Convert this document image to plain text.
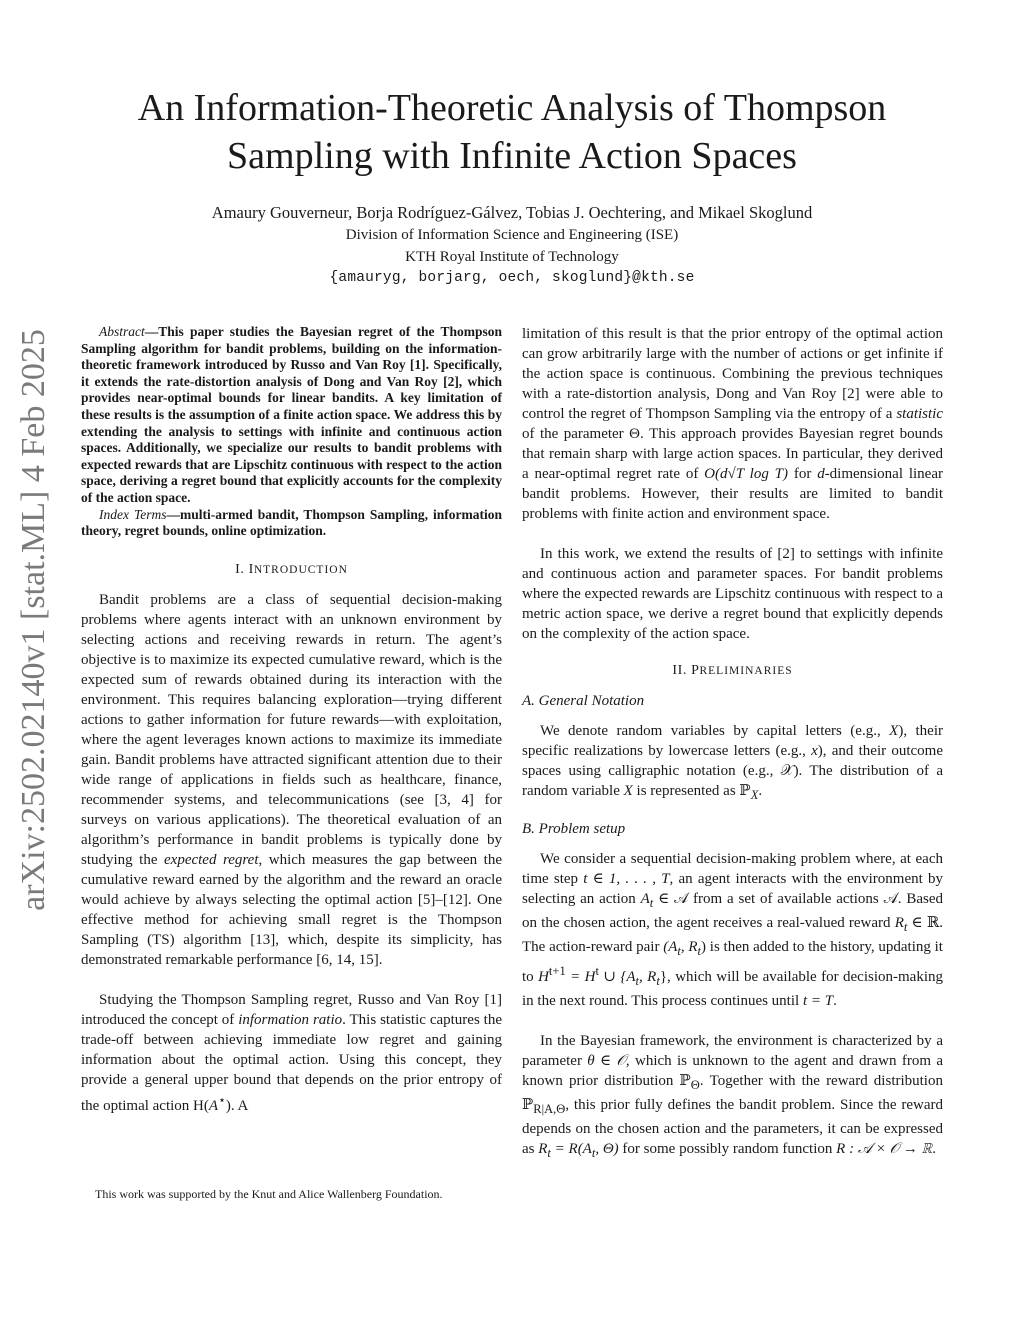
An Information-Theoretic Analysis of Thompson
Sampling with Infinite Action Spaces
Amaury Gouverneur, Borja Rodríguez-Gálvez, Tobias J. Oechtering, and Mikael Skoglund
Division of Information Science and Engineering (ISE)
KTH Royal Institute of Technology
{amauryg, borjarg, oech, skoglund}@kth.se
arXiv:2502.02140v1 [stat.ML] 4 Feb 2025	Abstract—This paper studies the Bayesian regret of the Thompson Sampling algorithm for bandit problems, building on the information-theoretic framework introduced by Russo and Van Roy [1]. Specifically, it extends the rate-distortion analysis of Dong and Van Roy [2], which provides near-optimal bounds for linear bandits. A key limitation of these results is the assumption of a finite action space. We address this by extending the analysis to settings with infinite and continuous action spaces. Additionally, we specialize our results to bandit problems with expected rewards that are Lipschitz continuous with respect to the action space, deriving a regret bound that explicitly accounts for the complexity of the action space.

Index Terms—multi-armed bandit, Thompson Sampling, information theory, regret bounds, online optimization.

I. INTRODUCTION

Bandit problems are a class of sequential decision-making problems where agents interact with an unknown environment by selecting actions and receiving rewards in return. The agent’s objective is to maximize its expected cumulative reward, which is the expected sum of rewards obtained during its interaction with the environment. This requires balancing exploration—trying different actions to gather information for future rewards—with exploitation, where the agent leverages known actions to maximize its immediate gain. Bandit problems have attracted significant attention due to their wide range of applications in fields such as healthcare, finance, recommender systems, and telecommunications (see [3, 4] for surveys on various applications). The theoretical evaluation of an algorithm’s performance in bandit problems is typically done by studying the expected regret, which measures the gap between the cumulative reward earned by the algorithm and the reward an oracle would achieve by always selecting the optimal action [5]–[12]. One effective method for achieving small regret is the Thompson Sampling (TS) algorithm [13], which, despite its simplicity, has demonstrated remarkable performance [6, 14, 15].

Studying the Thompson Sampling regret, Russo and Van Roy [1] introduced the concept of information ratio. This statistic captures the trade-off between achieving immediate low regret and gaining information about the optimal action. Using this concept, they provide a general upper bound that depends on the prior entropy of the optimal action H(A⋆). A

This work was supported by the Knut and Alice Wallenberg Foundation.

limitation of this result is that the prior entropy of the optimal action can grow arbitrarily large with the number of actions or get infinite if the action space is continuous. Combining the previous techniques with a rate-distortion analysis, Dong and Van Roy [2] were able to control the regret of Thompson Sampling via the entropy of a statistic of the parameter Θ. This approach provides Bayesian regret bounds that remain sharp with large action spaces. In particular, they derived a near-optimal regret rate of O(d√T log T) for d-dimensional linear bandit problems. However, their results are limited to bandit problems with finite action and environment space.

In this work, we extend the results of [2] to settings with infinite and continuous action and parameter spaces. For bandit problems where the expected rewards are Lipschitz continuous with respect to a metric action space, we derive a regret bound that explicitly depends on the complexity of the action space.

II. PRELIMINARIES

A. General Notation

We denote random variables by capital letters (e.g., X), their specific realizations by lowercase letters (e.g., x), and their outcome spaces using calligraphic notation (e.g., 𝒳). The distribution of a random variable X is represented as ℙ$_X$.

B. Problem setup

We consider a sequential decision-making problem where, at each time step t ∈ 1, . . . , T, an agent interacts with the environment by selecting an action $A_t$ ∈ 𝒜 from a set of available actions 𝒜. Based on the chosen action, the agent receives a real-valued reward $R_t$ ∈ ℝ. The action-reward pair ($A_t$, $R_t$) is then added to the history, updating it to $H^{t+1} = H^t$ ∪ {$A_t$, $R_t$}, which will be available for decision-making in the next round. This process continues until t = T.

In the Bayesian framework, the environment is characterized by a parameter θ ∈ 𝒪, which is unknown to the agent and drawn from a known prior distribution ℙ$_\Theta$. Together with the reward distribution ℙ$_{R|A,\Theta}$, this prior fully defines the bandit problem. Since the reward depends on the chosen action and the parameters, it can be expressed as $R_t = R(A_t$, Θ) for some possibly random function R : 𝒜 × 𝒪 → ℝ.
